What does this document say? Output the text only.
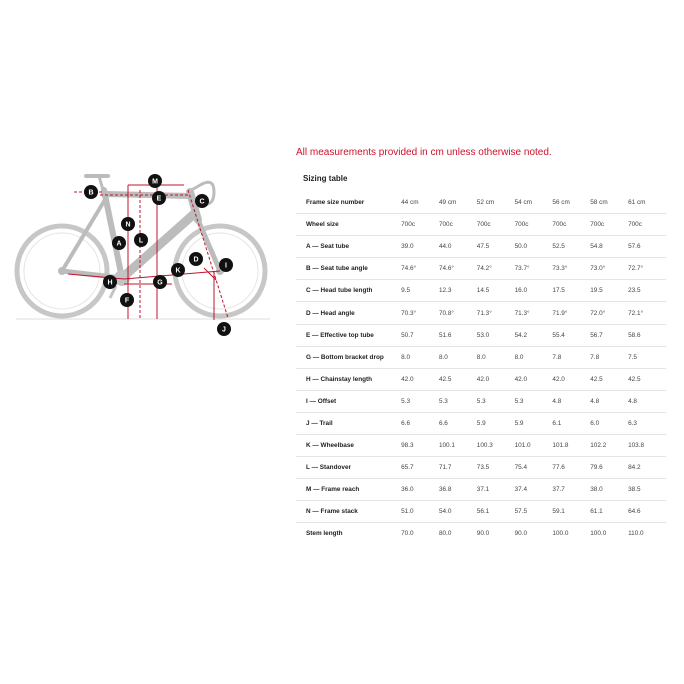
M
E
B
C
N
L
A
D
I
K
H	G
F
J
All measurements provided in cm unless otherwise noted.
Sizing table
Frame size number	44 cm	49 cm	52 cm	54 cm	56 cm	58 cm	61 cm
Wheel size	700c	700c	700c	700c	700c	700c	700c
A — Seat tube	39.0	44.0	47.5	50.0	52.5	54.8	57.6
B — Seat tube angle	74.6°	74.6°	74.2°	73.7°	73.3°	73.0°	72.7°
C — Head tube length	9.5	12.3	14.5	16.0	17.5	19.5	23.5
D — Head angle	70.3°	70.8°	71.3°	71.3°	71.9°	72.0°	72.1°
E — Effective top tube	50.7	51.6	53.0	54.2	55.4	56.7	58.6
G — Bottom bracket drop	8.0	8.0	8.0	8.0	7.8	7.8	7.5
H — Chainstay length	42.0	42.5	42.0	42.0	42.0	42.5	42.5
I — Offset	5.3	5.3	5.3	5.3	4.8	4.8	4.8
J — Trail	6.6	6.6	5.9	5.9	6.1	6.0	6.3
K — Wheelbase	98.3	100.1	100.3	101.0	101.8	102.2	103.8
L — Standover	65.7	71.7	73.5	75.4	77.6	79.6	84.2
M — Frame reach	36.0	36.8	37.1	37.4	37.7	38.0	38.5
N — Frame stack	51.0	54.0	56.1	57.5	59.1	61.1	64.6
Stem length	70.0	80.0	90.0	90.0	100.0	100.0	110.0
